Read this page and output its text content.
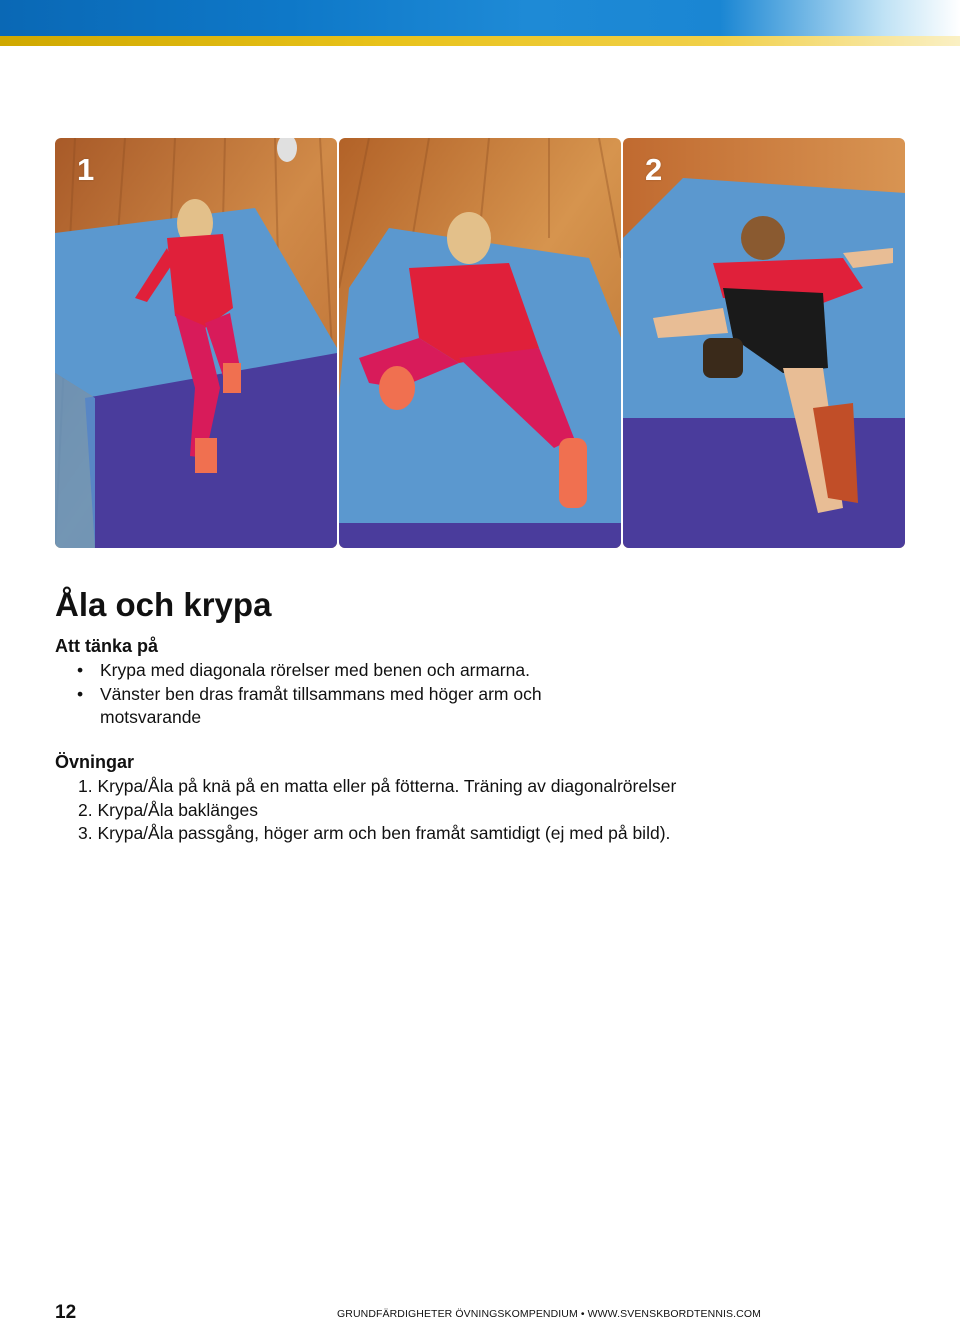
1	2
Åla och krypa
Att tänka på
• Krypa med diagonala rörelser med benen och armarna.
• Vänster ben dras framåt tillsammans med höger arm och motsvarande
Övningar
1. Krypa/Åla på knä på en matta eller på fötterna. Träning av diagonalrörelser
2. Krypa/Åla baklänges
3. Krypa/Åla passgång, höger arm och ben framåt samtidigt (ej med på bild).
12	GRUNDFÄRDIGHETER ÖVNINGSKOMPENDIUM • WWW.SVENSKBORDTENNIS.COM
